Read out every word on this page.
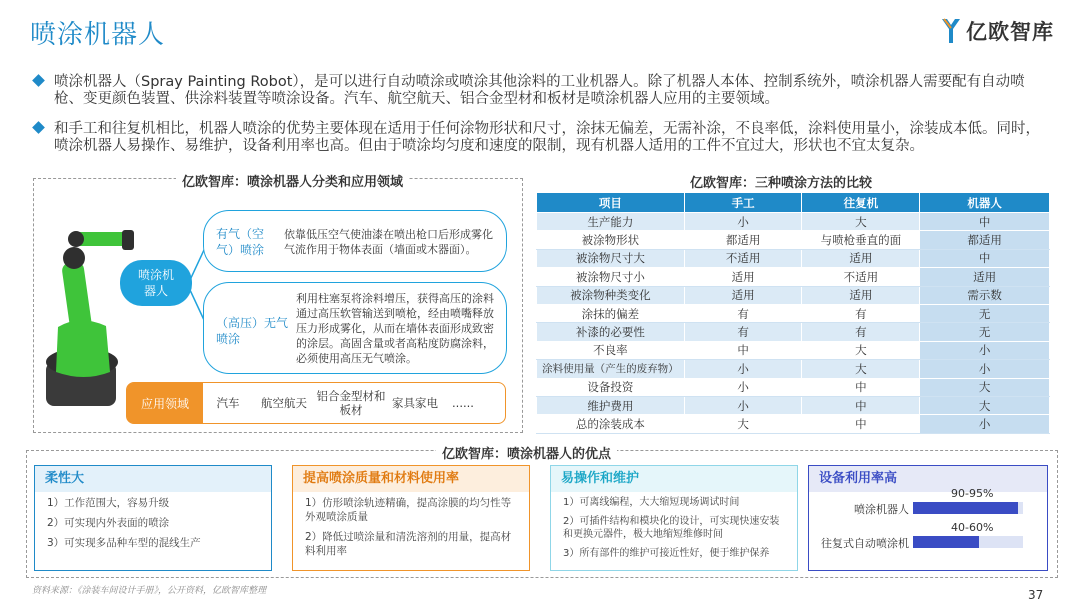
喷涂机器人	亿欧智库
喷涂机器人（Spray Painting Robot），是可以进行自动喷涂或喷涂其他涂料的工业机器人。除了机器人本体、控制系统外，喷涂机器人需要配有自动喷枪、变更颜色装置、供涂料装置等喷涂设备。汽车、航空航天、铝合金型材和板材是喷涂机器人应用的主要领域。
和手工和往复机相比，机器人喷涂的优势主要体现在适用于任何涂物形状和尺寸，涂抹无偏差，无需补涂，不良率低，涂料使用量小，涂装成本低。同时，喷涂机器人易操作、易维护，设备利用率也高。但由于喷涂均匀度和速度的限制，现有机器人适用的工件不宜过大，形状也不宜太复杂。
亿欧智库：喷涂机器人分类和应用领域
喷涂机器人
有气（空气）喷涂
依靠低压空气使油漆在喷出枪口后形成雾化气流作用于物体表面（墙面或木器面）。
（高压）无气喷涂
利用柱塞泵将涂料增压，获得高压的涂料通过高压软管输送到喷枪，经由喷嘴释放压力形成雾化，从而在墙体表面形成致密的涂层。高固含量或者高粘度防腐涂料，必须使用高压无气喷涂。
应用领域	汽车	航空航天 铝合金型材和板材	家具家电	......
亿欧智库：三种喷涂方法的比较
项目	手工	往复机	机器人
生产能力	小	大	中
被涂物形状	都适用	与喷枪垂直的面	都适用
被涂物尺寸大	不适用	适用	中
被涂物尺寸小	适用	不适用	适用
被涂物种类变化	适用	适用	需示数
涂抹的偏差	有	有	无
补漆的必要性	有	有	无
不良率	中	大	小
涂料使用量（产生的废弃物）	小	大	小
设备投资	小	中	大
维护费用	小	中	大
总的涂装成本	大	中	小
亿欧智库：喷涂机器人的优点
柔性大
1）工作范围大，容易升级
2）可实现内外表面的喷涂
3）可实现多品种车型的混线生产
提高喷涂质量和材料使用率
1）仿形喷涂轨迹精确，提高涂膜的均匀性等外观喷涂质量
2）降低过喷涂量和清洗溶剂的用量，提高材料利用率
易操作和维护
1）可离线编程，大大缩短现场调试时间
2）可插件结构和模块化的设计，可实现快速安装和更换元器件，极大地缩短维修时间
3）所有部件的维护可接近性好，便于维护保养
设备利用率高
90-95%
喷涂机器人
40-60%
往复式自动喷涂机
资料来源：《涂装车间设计手册》，公开资料，亿欧智库整理	37
